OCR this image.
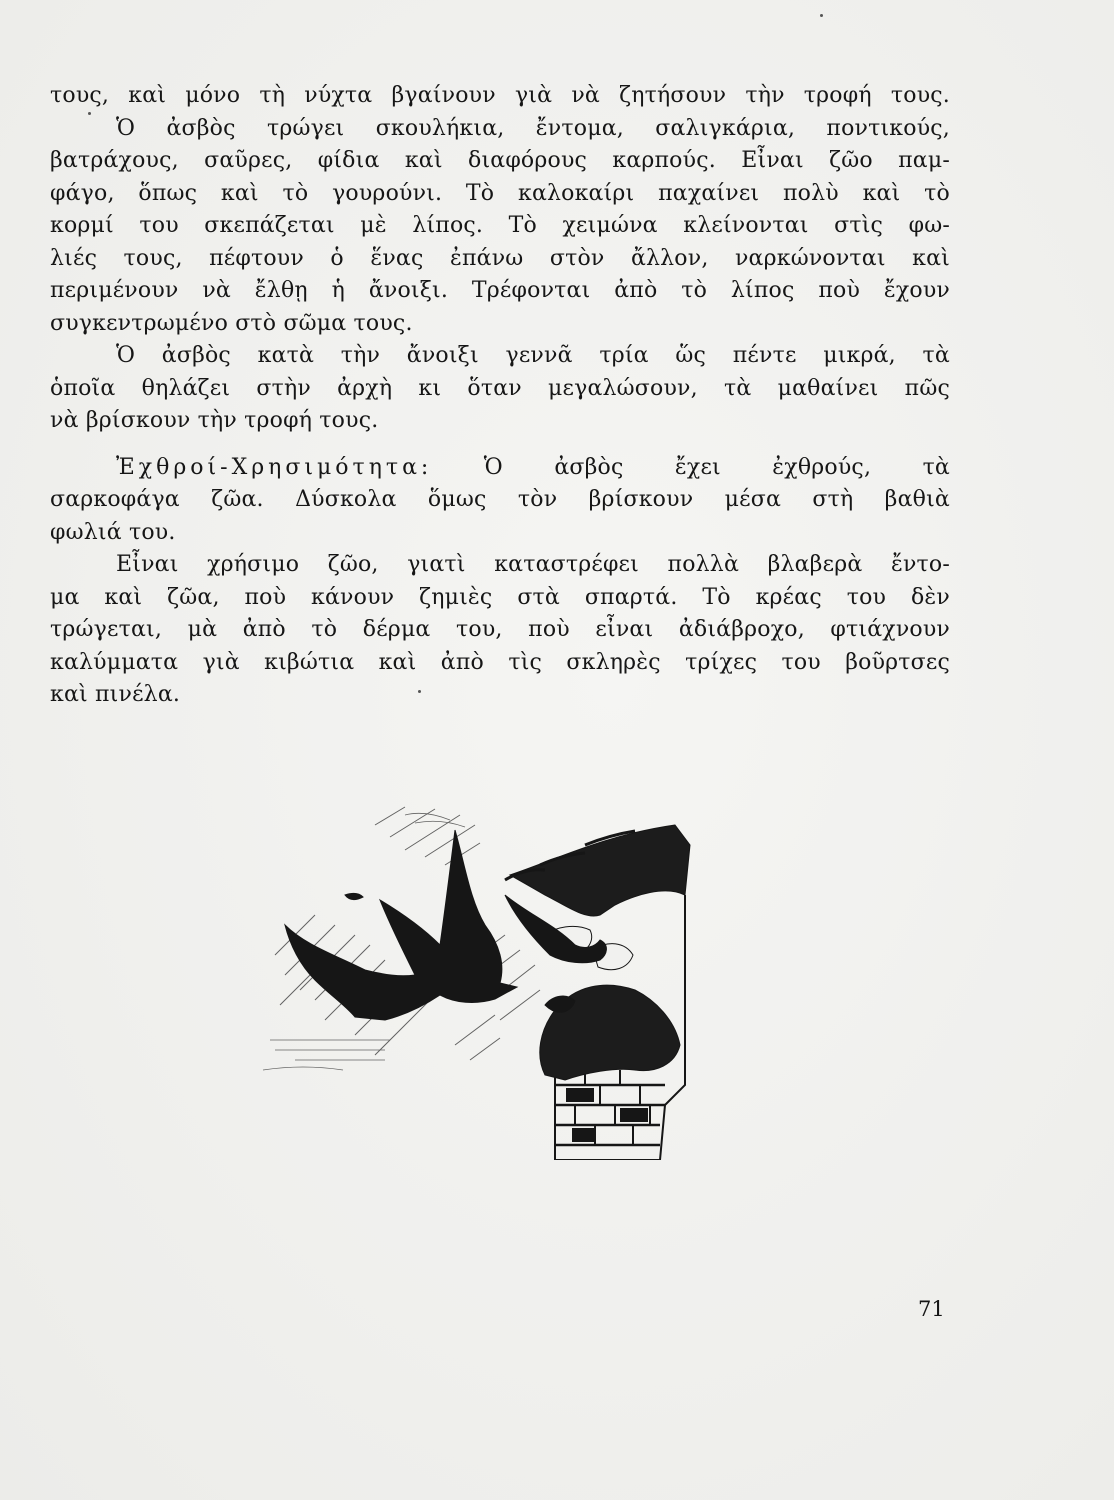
τους, καὶ μόνο τὴ νύχτα βγαίνουν γιὰ νὰ ζητήσουν τὴν τροφή τους.
Ὁ ἀσβὸς τρώγει σκουλήκια, ἔντομα, σαλιγκάρια, ποντικούς,
βατράχους, σαῦρες, φίδια καὶ διαφόρους καρπούς. Εἶναι ζῶο παμ-
φάγο, ὅπως καὶ τὸ γουρούνι. Τὸ καλοκαίρι παχαίνει πολὺ καὶ τὸ
κορμί του σκεπάζεται μὲ λίπος. Τὸ χειμώνα κλείνονται στὶς φω-
λιές τους, πέφτουν ὁ ἕνας ἐπάνω στὸν ἄλλον, ναρκώνονται καὶ
περιμένουν νὰ ἔλθῃ ἡ ἄνοιξι. Τρέφονται ἀπὸ τὸ λίπος ποὺ ἔχουν
συγκεντρωμένο στὸ σῶμα τους.
Ὁ ἀσβὸς κατὰ τὴν ἄνοιξι γεννᾶ τρία ὥς πέντε μικρά, τὰ
ὁποῖα θηλάζει στὴν ἀρχὴ κι ὅταν μεγαλώσουν, τὰ μαθαίνει πῶς
νὰ βρίσκουν τὴν τροφή τους.
Ἐχθροί-Χρησιμότητα: Ὁ ἀσβὸς ἔχει ἐχθρούς, τὰ
σαρκοφάγα ζῶα. Δύσκολα ὅμως τὸν βρίσκουν μέσα στὴ βαθιὰ
φωλιά του.
Εἶναι χρήσιμο ζῶο, γιατὶ καταστρέφει πολλὰ βλαβερὰ ἔντο-
μα καὶ ζῶα, ποὺ κάνουν ζημιὲς στὰ σπαρτά. Τὸ κρέας του δὲν
τρώγεται, μὰ ἀπὸ τὸ δέρμα του, ποὺ εἶναι ἀδιάβροχο, φτιάχνουν
καλύμματα γιὰ κιβώτια καὶ ἀπὸ τὶς σκληρὲς τρίχες του βοῦρτσες
καὶ πινέλα.
71
